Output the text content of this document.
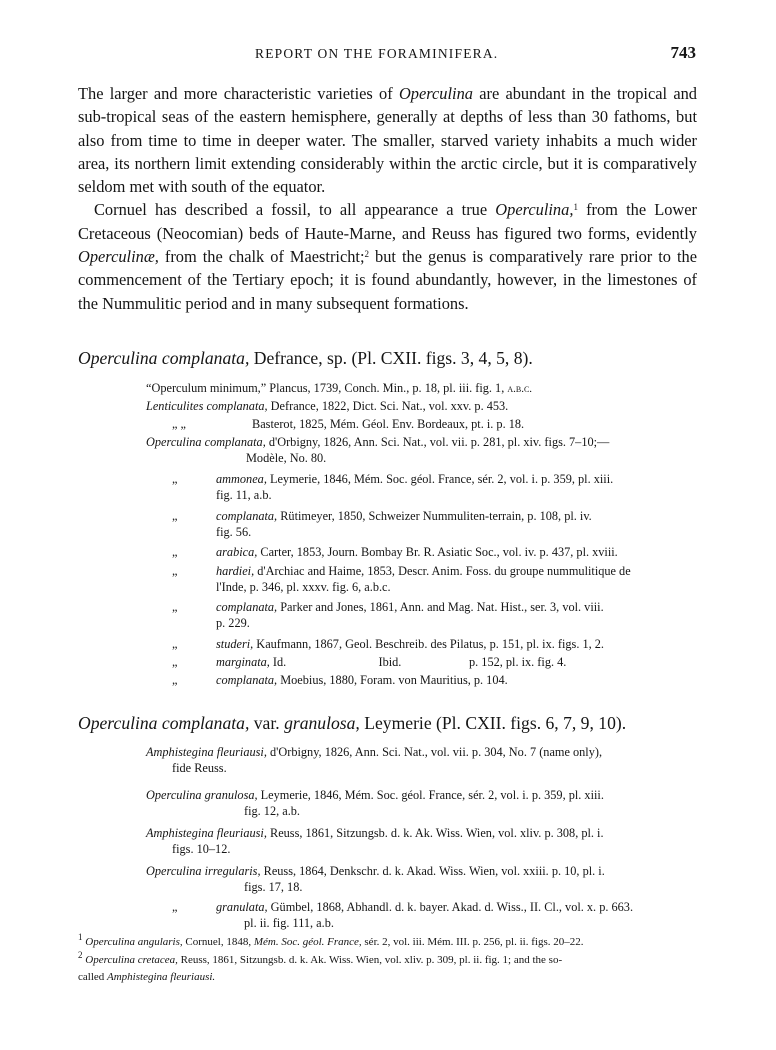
REPORT ON THE FORAMINIFERA.	743

The larger and more characteristic varieties of Operculina are abundant in the tropical and sub-tropical seas of the eastern hemisphere, generally at depths of less than 30 fathoms, but also from time to time in deeper water. The smaller, starved variety inhabits a much wider area, its northern limit extending considerably within the arctic circle, but it is comparatively seldom met with south of the equator.

Cornuel has described a fossil, to all appearance a true Operculina,$^1$ from the Lower Cretaceous (Neocomian) beds of Haute-Marne, and Reuss has figured two forms, evidently Operculinæ, from the chalk of Maestricht;$^2$ but the genus is comparatively rare prior to the commencement of the Tertiary epoch; it is found abundantly, however, in the limestones of the Nummulitic period and in many subsequent formations.

Operculina complanata, Defrance, sp. (Pl. CXII. figs. 3, 4, 5, 8).
“Operculum minimum,” Plancus, 1739, Conch. Min., p. 18, pl. iii. fig. 1, a.b.c.
Lenticulites complanata, Defrance, 1822, Dict. Sci. Nat., vol. xxv. p. 453.
„ „	Basterot, 1825, Mém. Géol. Env. Bordeaux, pt. i. p. 18.
Operculina complanata, d'Orbigny, 1826, Ann. Sci. Nat., vol. vii. p. 281, pl. xiv. figs. 7–10;—
Modèle, No. 80.
„	ammonea, Leymerie, 1846, Mém. Soc. géol. France, sér. 2, vol. i. p. 359, pl. xiii.
fig. 11, a.b.
„	complanata, Rütimeyer, 1850, Schweizer Nummuliten-terrain, p. 108, pl. iv.
fig. 56.
„	arabica, Carter, 1853, Journ. Bombay Br. R. Asiatic Soc., vol. iv. p. 437, pl. xviii.
„	hardiei, d'Archiac and Haime, 1853, Descr. Anim. Foss. du groupe nummulitique de
l'Inde, p. 346, pl. xxxv. fig. 6, a.b.c.
„	complanata, Parker and Jones, 1861, Ann. and Mag. Nat. Hist., ser. 3, vol. viii.
p. 229.
„	studeri, Kaufmann, 1867, Geol. Beschreib. des Pilatus, p. 151, pl. ix. figs. 1, 2.
„	marginata, Id.                              Ibid.                      p. 152, pl. ix. fig. 4.
„	complanata, Moebius, 1880, Foram. von Mauritius, p. 104.
Operculina complanata, var. granulosa, Leymerie (Pl. CXII. figs. 6, 7, 9, 10).
Amphistegina fleuriausi, d'Orbigny, 1826, Ann. Sci. Nat., vol. vii. p. 304, No. 7 (name only),
fide Reuss.
Operculina granulosa, Leymerie, 1846, Mém. Soc. géol. France, sér. 2, vol. i. p. 359, pl. xiii.
fig. 12, a.b.
Amphistegina fleuriausi, Reuss, 1861, Sitzungsb. d. k. Ak. Wiss. Wien, vol. xliv. p. 308, pl. i.
figs. 10–12.
Operculina irregularis, Reuss, 1864, Denkschr. d. k. Akad. Wiss. Wien, vol. xxiii. p. 10, pl. i.
figs. 17, 18.
„	granulata, Gümbel, 1868, Abhandl. d. k. bayer. Akad. d. Wiss., II. Cl., vol. x. p. 663.
pl. ii. fig. 111, a.b.
$^1$ Operculina angularis, Cornuel, 1848, Mém. Soc. géol. France, sér. 2, vol. iii. Mém. III. p. 256, pl. ii. figs. 20–22.
$^2$ Operculina cretacea, Reuss, 1861, Sitzungsb. d. k. Ak. Wiss. Wien, vol. xliv. p. 309, pl. ii. fig. 1; and the so-
called Amphistegina fleuriausi.
